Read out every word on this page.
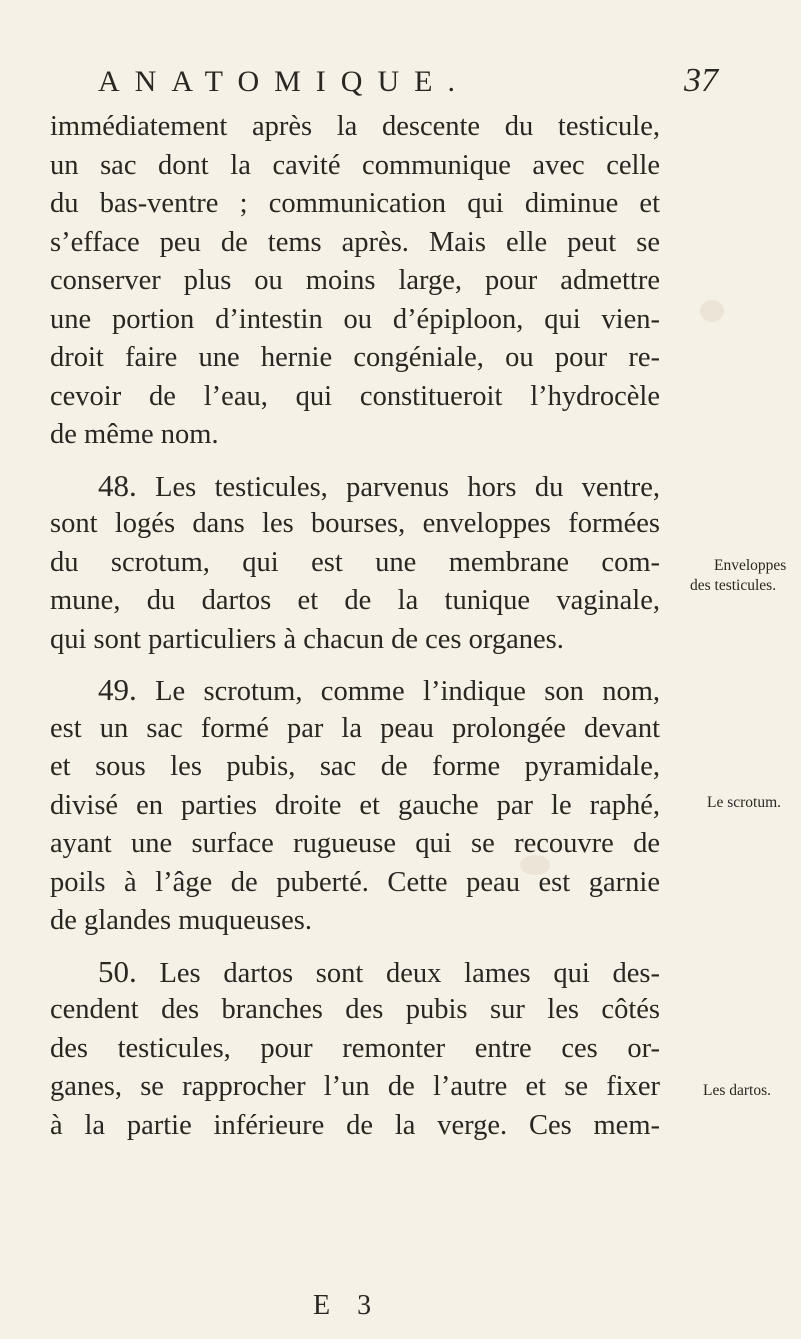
ANATOMIQUE.	37
immédiatement après la descente du testicule,
un sac dont la cavité communique avec celle
du bas-ventre ; communication qui diminue et
s’efface peu de tems après. Mais elle peut se
conserver plus ou moins large, pour admettre
une portion d’intestin ou d’épiploon, qui vien-
droit faire une hernie congéniale, ou pour re-
cevoir de l’eau, qui constitueroit l’hydrocèle
de même nom.
48. Les testicules, parvenus hors du ventre,
sont logés dans les bourses, enveloppes formées
du scrotum, qui est une membrane com-
mune, du dartos et de la tunique vaginale,
qui sont particuliers à chacun de ces organes.
49. Le scrotum, comme l’indique son nom,
est un sac formé par la peau prolongée devant
et sous les pubis, sac de forme pyramidale,
divisé en parties droite et gauche par le raphé,
ayant une surface rugueuse qui se recouvre de
poils à l’âge de puberté. Cette peau est garnie
de glandes muqueuses.
50. Les dartos sont deux lames qui des-
cendent des branches des pubis sur les côtés
des testicules, pour remonter entre ces or-
ganes, se rapprocher l’un de l’autre et se fixer
à la partie inférieure de la verge. Ces mem-
Enveloppes
des testicules.
Le scrotum.
Les dartos.
E 3
